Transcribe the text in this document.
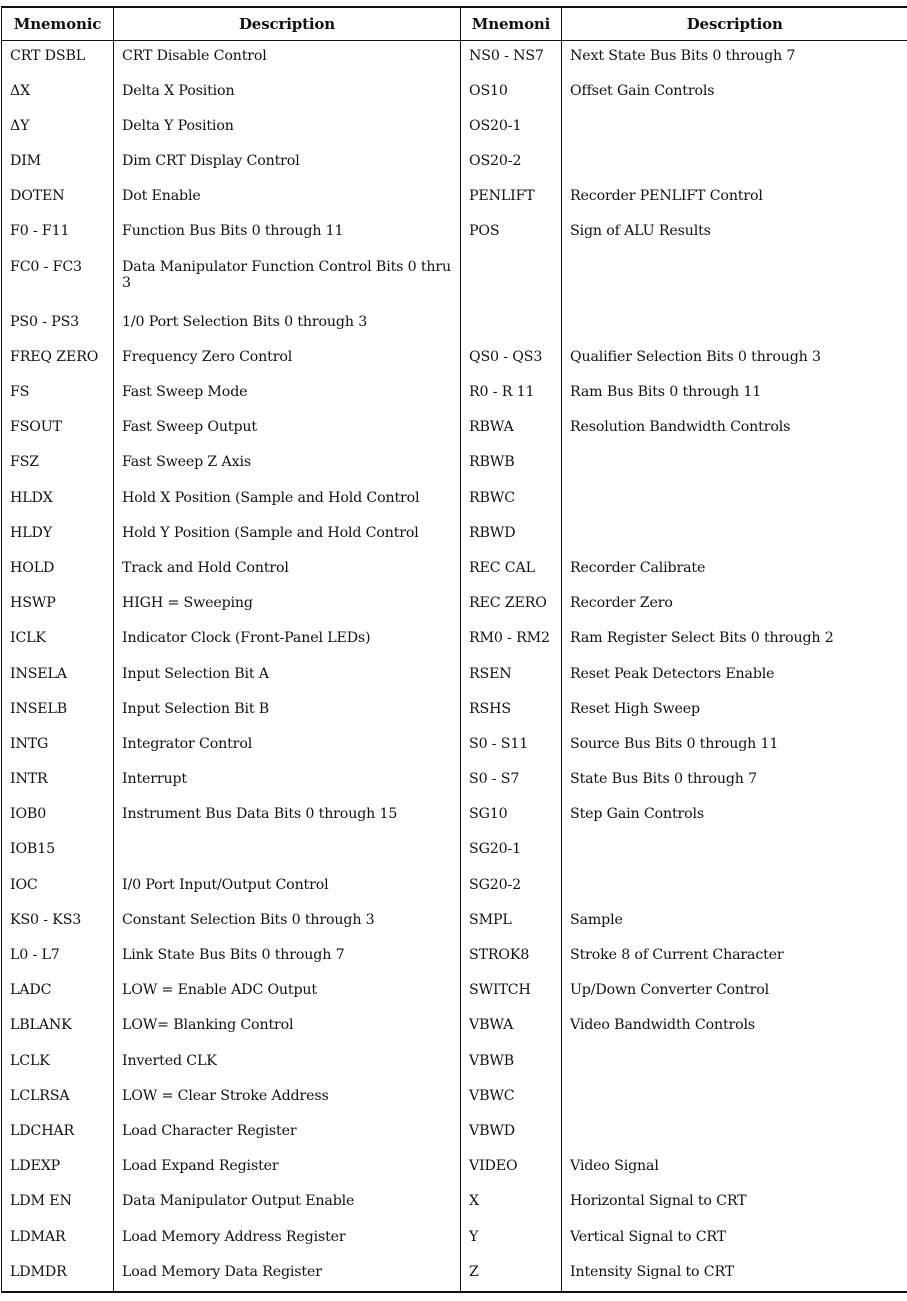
Mnemonic	Description	Mnemoni	Description
CRT DSBL	CRT Disable Control	NS0 - NS7	Next State Bus Bits 0 through 7
ΔX	Delta X Position	OS10	Offset Gain Controls
ΔY	Delta Y Position	OS20-1	
DIM	Dim CRT Display Control	OS20-2	
DOTEN	Dot Enable	PENLIFT	Recorder PENLIFT Control
F0 - F11	Function Bus Bits 0 through 11	POS	Sign of ALU Results
FC0 - FC3	Data Manipulator Function Control Bits 0 thru 3		
PS0 - PS3	1/0 Port Selection Bits 0 through 3		
FREQ ZERO	Frequency Zero Control	QS0 - QS3	Qualifier Selection Bits 0 through 3
FS	Fast Sweep Mode	R0 - R 11	Ram Bus Bits 0 through 11
FSOUT	Fast Sweep Output	RBWA	Resolution Bandwidth Controls
FSZ	Fast Sweep Z Axis	RBWB	
HLDX	Hold X Position (Sample and Hold Control	RBWC	
HLDY	Hold Y Position (Sample and Hold Control	RBWD	
HOLD	Track and Hold Control	REC CAL	Recorder Calibrate
HSWP	HIGH = Sweeping	REC ZERO	Recorder Zero
ICLK	Indicator Clock (Front-Panel LEDs)	RM0 - RM2	Ram Register Select Bits 0 through 2
INSELA	Input Selection Bit A	RSEN	Reset Peak Detectors Enable
INSELB	Input Selection Bit B	RSHS	Reset High Sweep
INTG	Integrator Control	S0 - S11	Source Bus Bits 0 through 11
INTR	Interrupt	S0 - S7	State Bus Bits 0 through 7
IOB0	Instrument Bus Data Bits 0 through 15	SG10	Step Gain Controls
IOB15		SG20-1	
IOC	I/0 Port Input/Output Control	SG20-2	
KS0 - KS3	Constant Selection Bits 0 through 3	SMPL	Sample
L0 - L7	Link State Bus Bits 0 through 7	STROK8	Stroke 8 of Current Character
LADC	LOW = Enable ADC Output	SWITCH	Up/Down Converter Control
LBLANK	LOW= Blanking Control	VBWA	Video Bandwidth Controls
LCLK	Inverted CLK	VBWB	
LCLRSA	LOW = Clear Stroke Address	VBWC	
LDCHAR	Load Character Register	VBWD	
LDEXP	Load Expand Register	VIDEO	Video Signal
LDM EN	Data Manipulator Output Enable	X	Horizontal Signal to CRT
LDMAR	Load Memory Address Register	Y	Vertical Signal to CRT
LDMDR	Load Memory Data Register	Z	Intensity Signal to CRT
